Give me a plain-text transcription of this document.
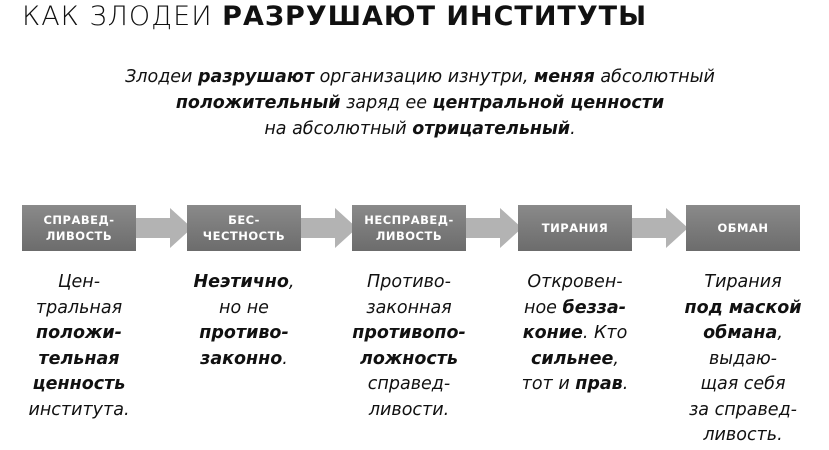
КАК ЗЛОДЕИ РАЗРУШАЮТ ИНСТИТУТЫ
Злодеи разрушают организацию изнутри, меняя абсолютный
положительный заряд ее центральной ценности
на абсолютный отрицательный.
СПРАВЕД-
ЛИВОСТЬ
БЕС-
ЧЕСТНОСТЬ
НЕСПРАВЕД-
ЛИВОСТЬ
ТИРАНИЯ	ОБМАН
Цен-
тральная
положи-
тельная
ценность
института.
Неэтично,
но не
противо-
законно.
Противо-
законная
противопо-
ложность
справед-
ливости.
Откровен-
ное безза-
коние. Кто
сильнее,
тот и прав.
Тирания
под маской
обмана,
выдаю-
щая себя
за справед-
ливость.
